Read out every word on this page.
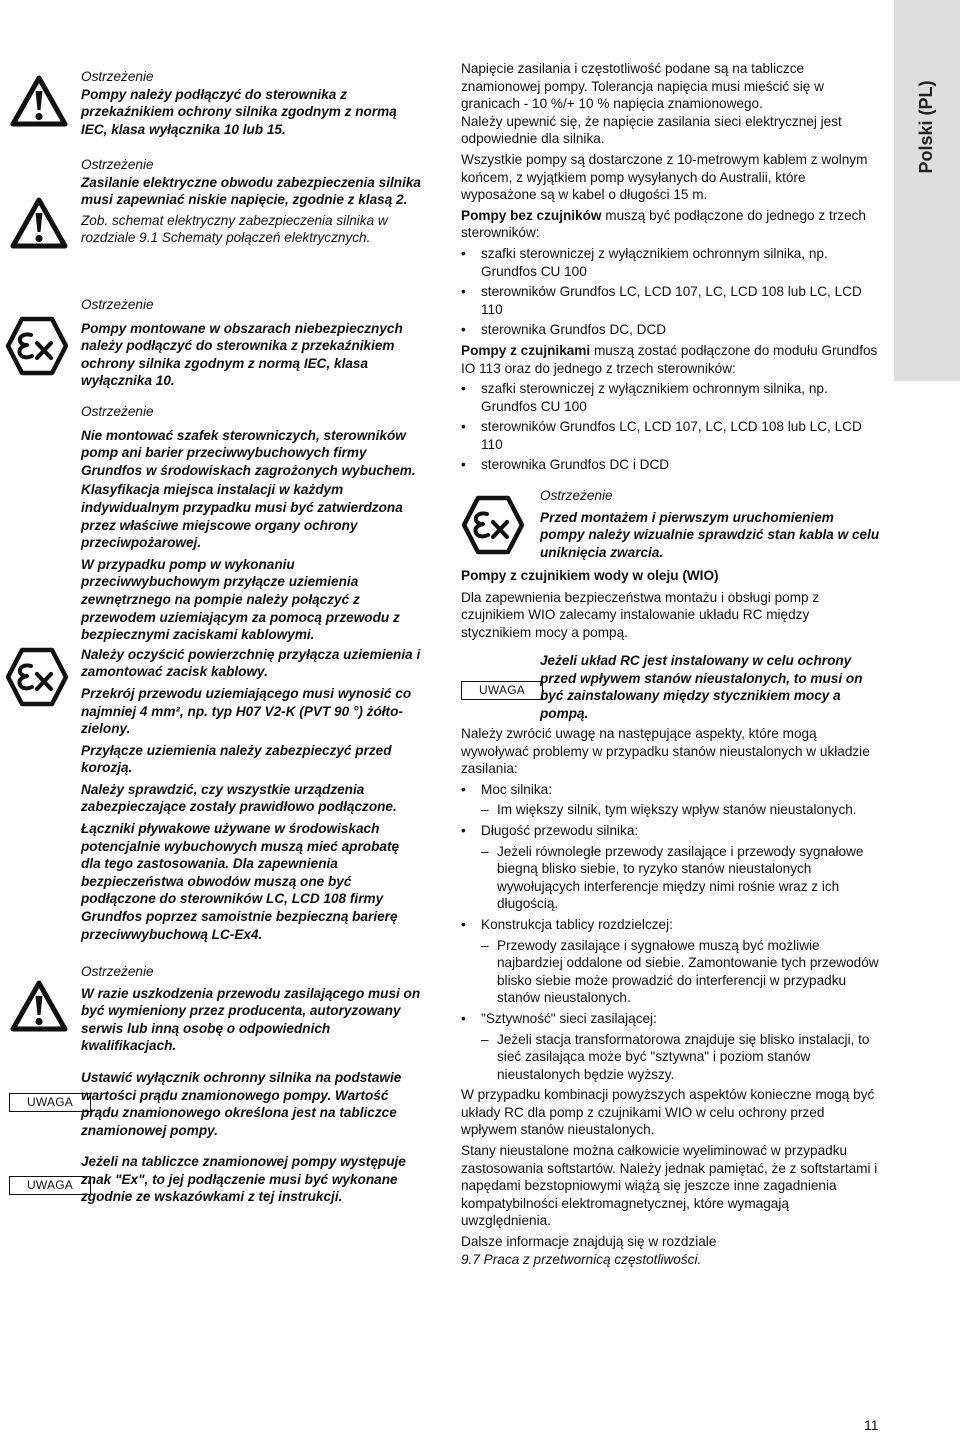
Polski (PL)
UWAGA
UWAGA
UWAGA

Ostrzeżenie

Pompy należy podłączyć do sterownika z przekaźnikiem ochrony silnika zgodnym z normą IEC, klasa wyłącznika 10 lub 15.

Ostrzeżenie

Zasilanie elektryczne obwodu zabezpieczenia silnika musi zapewniać niskie napięcie, zgodnie z klasą 2.

Zob. schemat elektryczny zabezpieczenia silnika w rozdziale 9.1 Schematy połączeń elektrycznych.

Ostrzeżenie

Pompy montowane w obszarach niebezpiecznych należy podłączyć do sterownika z przekaźnikiem ochrony silnika zgodnym z normą IEC, klasa wyłącznika 10.

Ostrzeżenie

Nie montować szafek sterowniczych, sterowników pomp ani barier przeciwwybuchowych firmy Grundfos w środowiskach zagrożonych wybuchem.

Klasyfikacja miejsca instalacji w każdym indywidualnym przypadku musi być zatwierdzona przez właściwe miejscowe organy ochrony przeciwpożarowej.

W przypadku pomp w wykonaniu przeciwwybuchowym przyłącze uziemienia zewnętrznego na pompie należy połączyć z przewodem uziemiającym za pomocą przewodu z bezpiecznymi zaciskami kablowymi.

Należy oczyścić powierzchnię przyłącza uziemienia i zamontować zacisk kablowy.

Przekrój przewodu uziemiającego musi wynosić co najmniej 4 mm², np. typ H07 V2-K (PVT 90 °) żółto-zielony.

Przyłącze uziemienia należy zabezpieczyć przed korozją.

Należy sprawdzić, czy wszystkie urządzenia zabezpieczające zostały prawidłowo podłączone.

Łączniki pływakowe używane w środowiskach potencjalnie wybuchowych muszą mieć aprobatę dla tego zastosowania. Dla zapewnienia bezpieczeństwa obwodów muszą one być podłączone do sterowników LC, LCD 108 firmy Grundfos poprzez samoistnie bezpieczną barierę przeciwwybuchową LC-Ex4.

Ostrzeżenie

W razie uszkodzenia przewodu zasilającego musi on być wymieniony przez producenta, autoryzowany serwis lub inną osobę o odpowiednich kwalifikacjach.

Ustawić wyłącznik ochronny silnika na podstawie wartości prądu znamionowego pompy. Wartość prądu znamionowego określona jest na tabliczce znamionowej pompy.

Jeżeli na tabliczce znamionowej pompy występuje znak "Ex", to jej podłączenie musi być wykonane zgodnie ze wskazówkami z tej instrukcji.

Napięcie zasilania i częstotliwość podane są na tabliczce znamionowej pompy. Tolerancja napięcia musi mieścić się w granicach - 10 %/+ 10 % napięcia znamionowego.

Należy upewnić się, że napięcie zasilania sieci elektrycznej jest odpowiednie dla silnika.

Wszystkie pompy są dostarczone z 10-metrowym kablem z wolnym końcem, z wyjątkiem pomp wysyłanych do Australii, które wyposażone są w kabel o długości 15 m.

Pompy bez czujników muszą być podłączone do jednego z trzech sterowników:

• szafki sterowniczej z wyłącznikiem ochronnym silnika, np. Grundfos CU 100
• sterowników Grundfos LC, LCD 107, LC, LCD 108 lub LC, LCD 110
• sterownika Grundfos DC, DCD

Pompy z czujnikami muszą zostać podłączone do modułu Grundfos IO 113 oraz do jednego z trzech sterowników:

• szafki sterowniczej z wyłącznikiem ochronnym silnika, np. Grundfos CU 100
• sterowników Grundfos LC, LCD 107, LC, LCD 108 lub LC, LCD 110
• sterownika Grundfos DC i DCD

Ostrzeżenie

Przed montażem i pierwszym uruchomieniem pompy należy wizualnie sprawdzić stan kabla w celu uniknięcia zwarcia.

Pompy z czujnikiem wody w oleju (WIO)

Dla zapewnienia bezpieczeństwa montażu i obsługi pomp z czujnikiem WIO zalecamy instalowanie układu RC między stycznikiem mocy a pompą.

Jeżeli układ RC jest instalowany w celu ochrony przed wpływem stanów nieustalonych, to musi on być zainstalowany między stycznikiem mocy a pompą.

Należy zwrócić uwagę na następujące aspekty, które mogą wywoływać problemy w przypadku stanów nieustalonych w układzie zasilania:

• Moc silnika:
– Im większy silnik, tym większy wpływ stanów nieustalonych.
• Długość przewodu silnika:
– Jeżeli równoległe przewody zasilające i przewody sygnałowe biegną blisko siebie, to ryzyko stanów nieustalonych wywołujących interferencje między nimi rośnie wraz z ich długością.
• Konstrukcja tablicy rozdzielczej:
– Przewody zasilające i sygnałowe muszą być możliwie najbardziej oddalone od siebie. Zamontowanie tych przewodów blisko siebie może prowadzić do interferencji w przypadku stanów nieustalonych.
• "Sztywność" sieci zasilającej:
– Jeżeli stacja transformatorowa znajduje się blisko instalacji, to sieć zasilająca może być "sztywna" i poziom stanów nieustalonych będzie wyższy.

W przypadku kombinacji powyższych aspektów konieczne mogą być układy RC dla pomp z czujnikami WIO w celu ochrony przed wpływem stanów nieustalonych.

Stany nieustalone można całkowicie wyeliminować w przypadku zastosowania softstartów. Należy jednak pamiętać, że z softstartami i napędami bezstopniowymi wiążą się jeszcze inne zagadnienia kompatybilności elektromagnetycznej, które wymagają uwzględnienia.

Dalsze informacje znajdują się w rozdziale

9.7 Praca z przetwornicą częstotliwości.

11
